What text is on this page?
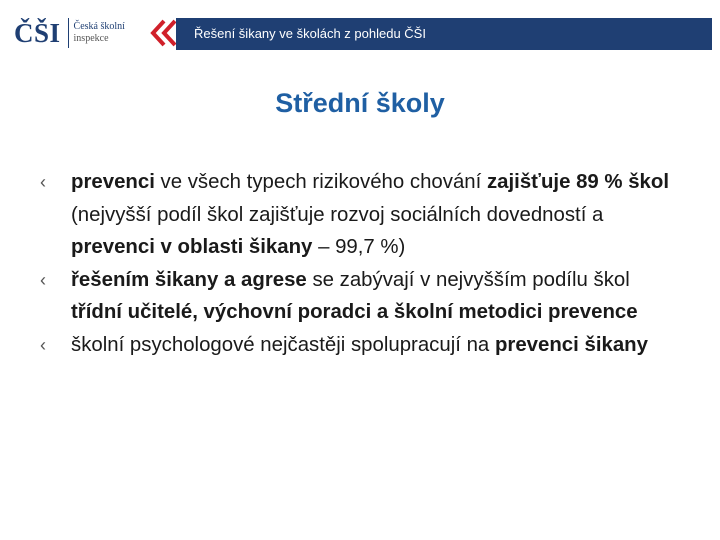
ČŠI Česká školní
inspekce	Řešení šikany ve školách z pohledu ČŠI
Střední školy
‹ prevenci ve všech typech rizikového chování zajišťuje 89 % škol (nejvyšší podíl škol zajišťuje rozvoj sociálních dovedností a prevenci v oblasti šikany – 99,7 %)
‹ řešením šikany a agrese se zabývají v nejvyšším podílu škol třídní učitelé, výchovní poradci a školní metodici prevence
‹ školní psychologové nejčastěji spolupracují na prevenci šikany
